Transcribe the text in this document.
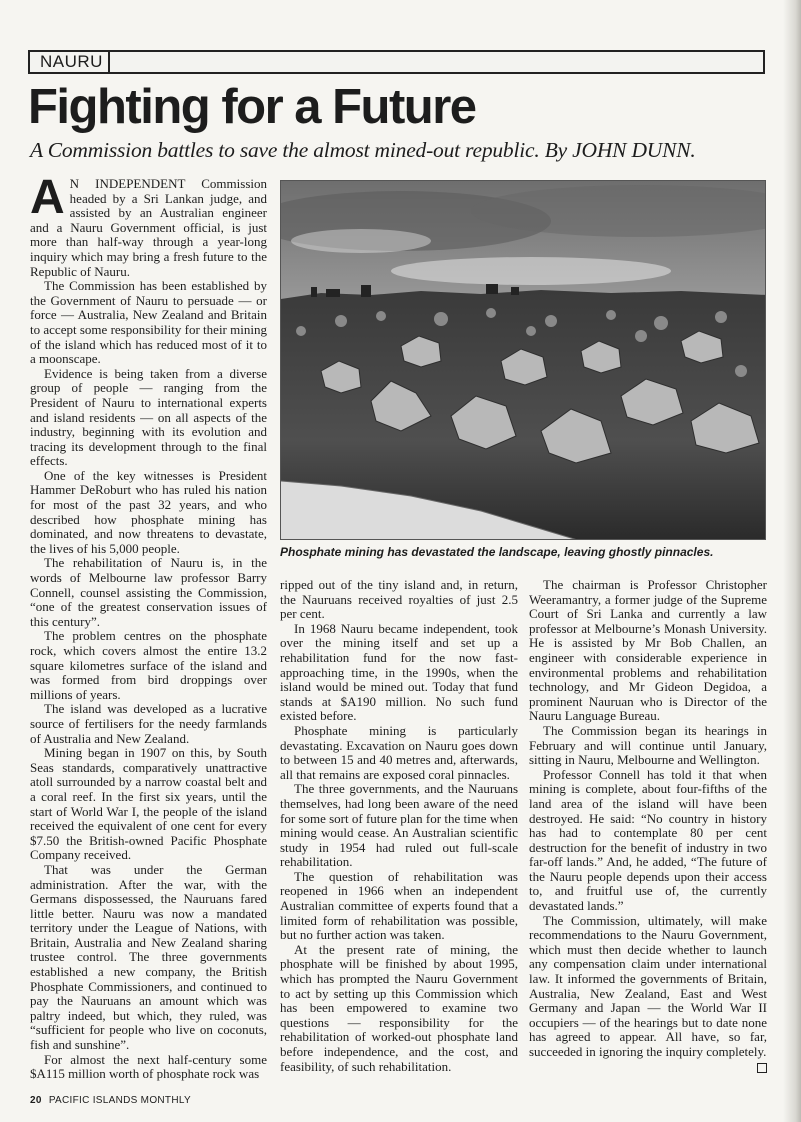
NAURU
Fighting for a Future

A Commission battles to save the almost mined-out republic. By JOHN DUNN.

A N INDEPENDENT Commission headed by a Sri Lankan judge, and assisted by an Australian engineer and a Nauru Government official, is just more than half-way through a year-long inquiry which may bring a fresh future to the Republic of Nauru.

The Commission has been established by the Government of Nauru to persuade — or force — Australia, New Zealand and Britain to accept some responsibility for their mining of the island which has reduced most of it to a moonscape.

Evidence is being taken from a diverse group of people — ranging from the President of Nauru to international experts and island residents — on all aspects of the industry, beginning with its evolution and tracing its development through to the final effects.

One of the key witnesses is President Hammer DeRoburt who has ruled his nation for most of the past 32 years, and who described how phosphate mining has dominated, and now threatens to devastate, the lives of his 5,000 people.

The rehabilitation of Nauru is, in the words of Melbourne law professor Barry Connell, counsel assisting the Commission, “one of the greatest conservation issues of this century”.

The problem centres on the phosphate rock, which covers almost the entire 13.2 square kilometres surface of the island and was formed from bird droppings over millions of years.

The island was developed as a lucrative source of fertilisers for the needy farmlands of Australia and New Zealand.

Mining began in 1907 on this, by South Seas standards, comparatively unattractive atoll surrounded by a narrow coastal belt and a coral reef. In the first six years, until the start of World War I, the people of the island received the equivalent of one cent for every $7.50 the British-owned Pacific Phosphate Company received.

That was under the German administration. After the war, with the Germans dispossessed, the Nauruans fared little better. Nauru was now a mandated territory under the League of Nations, with Britain, Australia and New Zealand sharing trustee control. The three governments established a new company, the British Phosphate Commissioners, and continued to pay the Nauruans an amount which was paltry indeed, but which, they ruled, was “sufficient for people who live on coconuts, fish and sunshine”.

For almost the next half-century some $A115 million worth of phosphate rock was

Phosphate mining has devastated the landscape, leaving ghostly pinnacles.

ripped out of the tiny island and, in return, the Nauruans received royalties of just 2.5 per cent.

In 1968 Nauru became independent, took over the mining itself and set up a rehabilitation fund for the now fast-approaching time, in the 1990s, when the island would be mined out. Today that fund stands at $A190 million. No such fund existed before.

Phosphate mining is particularly devastating. Excavation on Nauru goes down to between 15 and 40 metres and, afterwards, all that remains are exposed coral pinnacles.

The three governments, and the Nauruans themselves, had long been aware of the need for some sort of future plan for the time when mining would cease. An Australian scientific study in 1954 had ruled out full-scale rehabilitation.

The question of rehabilitation was reopened in 1966 when an independent Australian committee of experts found that a limited form of rehabilitation was possible, but no further action was taken.

At the present rate of mining, the phosphate will be finished by about 1995, which has prompted the Nauru Government to act by setting up this Commission which has been empowered to examine two questions — responsibility for the rehabilitation of worked-out phosphate land before independence, and the cost, and feasibility, of such rehabilitation.

The chairman is Professor Christopher Weeramantry, a former judge of the Supreme Court of Sri Lanka and currently a law professor at Melbourne’s Monash University. He is assisted by Mr Bob Challen, an engineer with considerable experience in environmental problems and rehabilitation technology, and Mr Gideon Degidoa, a prominent Nauruan who is Director of the Nauru Language Bureau.

The Commission began its hearings in February and will continue until January, sitting in Nauru, Melbourne and Wellington.

Professor Connell has told it that when mining is complete, about four-fifths of the land area of the island will have been destroyed. He said: “No country in history has had to contemplate 80 per cent destruction for the benefit of industry in two far-off lands.” And, he added, “The future of the Nauru people depends upon their access to, and fruitful use of, the currently devastated lands.”

The Commission, ultimately, will make recommendations to the Nauru Government, which must then decide whether to launch any compensation claim under international law. It informed the governments of Britain, Australia, New Zealand, East and West Germany and Japan — the World War II occupiers — of the hearings but to date none has agreed to appear. All have, so far, succeeded in ignoring the inquiry completely.

20 PACIFIC ISLANDS MONTHLY
